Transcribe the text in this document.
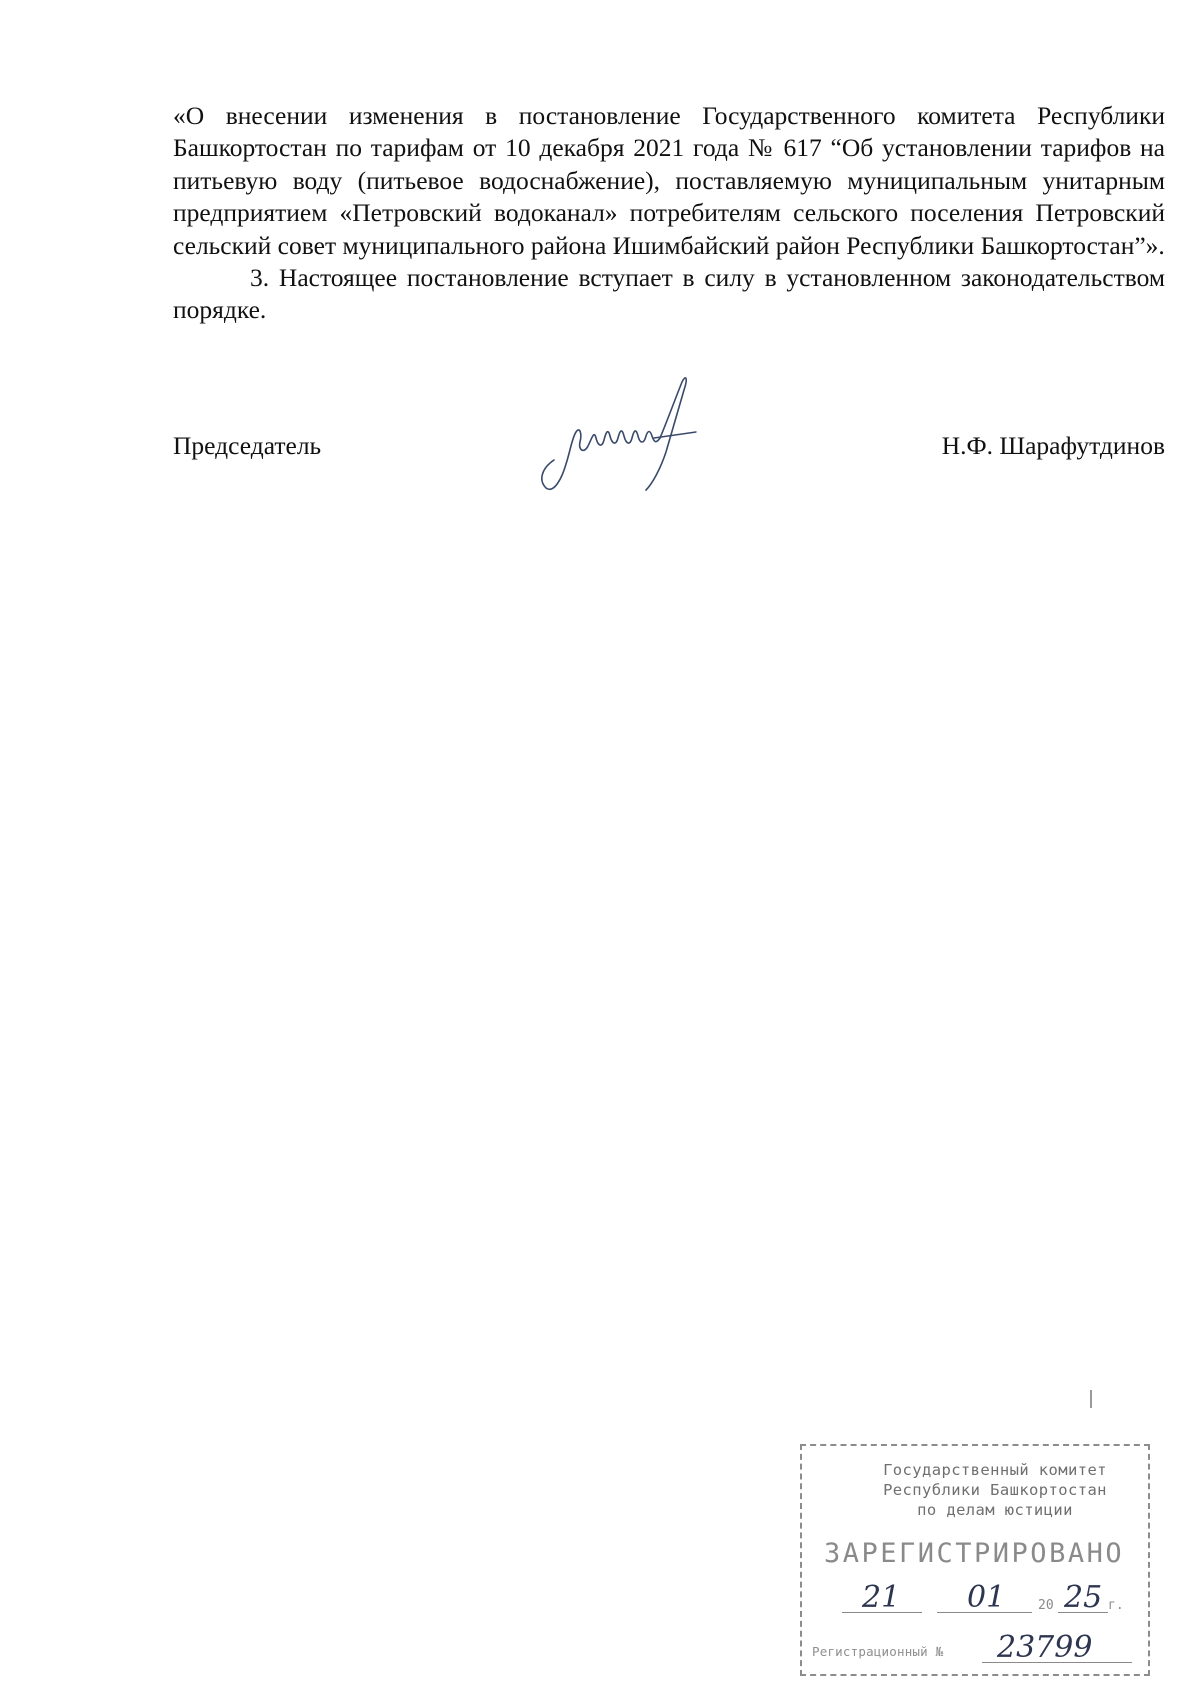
«О внесении изменения в постановление Государственного комитета Республики Башкортостан по тарифам от 10 декабря 2021 года № 617 “Об установлении тарифов на питьевую воду (питьевое водоснабжение), поставляемую муниципальным унитарным предприятием «Петровский водоканал» потребителям сельского поселения Петровский сельский совет муниципального района Ишимбайский район Республики Башкортостан”».

3. Настоящее постановление вступает в силу в установленном законодательством порядке.

Председатель	Н.Ф. Шарафутдинов
Государственный комитет
Республики Башкортостан
по делам юстиции
ЗАРЕГИСТРИРОВАНО
21 01	20 25 г.
Регистрационный № 23799
